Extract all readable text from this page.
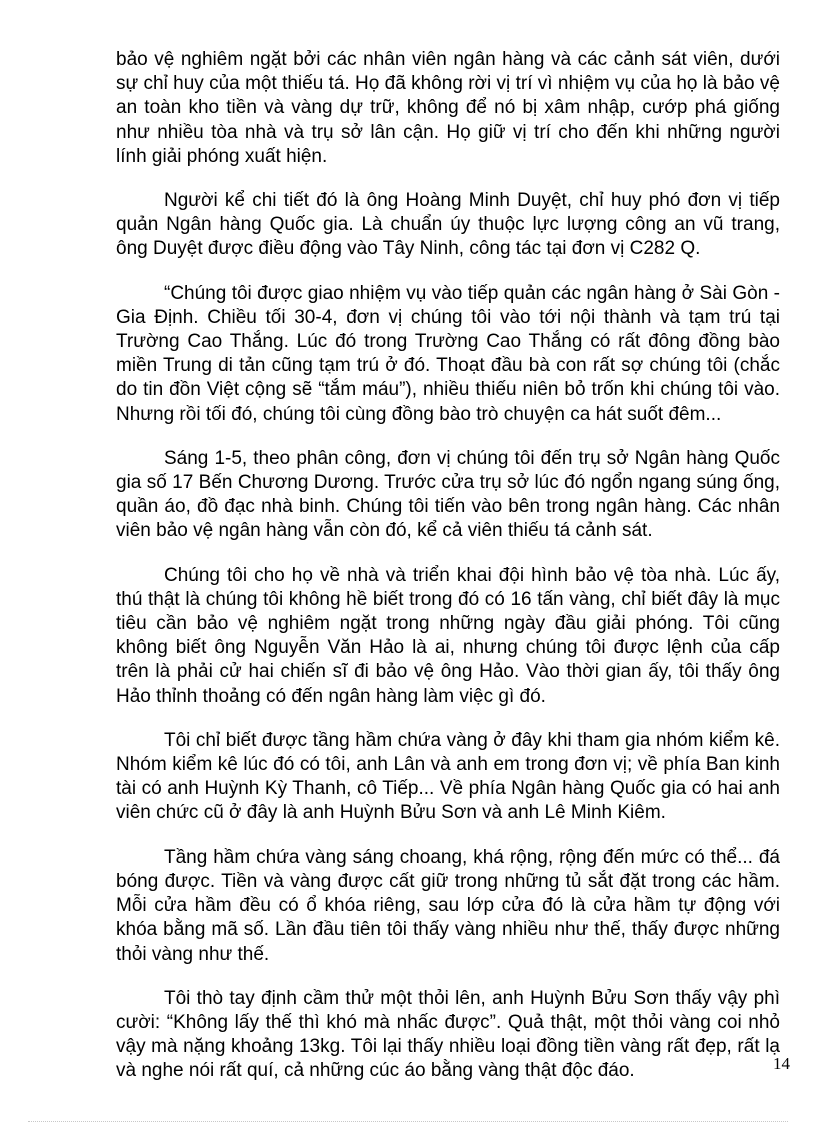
bảo vệ nghiêm ngặt bởi các nhân viên ngân hàng và các cảnh sát viên, dưới sự chỉ huy của một thiếu tá. Họ đã không rời vị trí vì nhiệm vụ của họ là bảo vệ an toàn kho tiền và vàng dự trữ, không để nó bị xâm nhập, cướp phá giống như nhiều tòa nhà và trụ sở lân cận. Họ giữ vị trí cho đến khi những người lính giải phóng xuất hiện.

Người kể chi tiết đó là ông Hoàng Minh Duyệt, chỉ huy phó đơn vị tiếp quản Ngân hàng Quốc gia. Là chuẩn úy thuộc lực lượng công an vũ trang, ông Duyệt được điều động vào Tây Ninh, công tác tại đơn vị C282 Q.

“Chúng tôi được giao nhiệm vụ vào tiếp quản các ngân hàng ở Sài Gòn - Gia Định. Chiều tối 30-4, đơn vị chúng tôi vào tới nội thành và tạm trú tại Trường Cao Thắng. Lúc đó trong Trường Cao Thắng có rất đông đồng bào miền Trung di tản cũng tạm trú ở đó. Thoạt đầu bà con rất sợ chúng tôi (chắc do tin đồn Việt cộng sẽ “tắm máu”), nhiều thiếu niên bỏ trốn khi chúng tôi vào. Nhưng rồi tối đó, chúng tôi cùng đồng bào trò chuyện ca hát suốt đêm...

Sáng 1-5, theo phân công, đơn vị chúng tôi đến trụ sở Ngân hàng Quốc gia số 17 Bến Chương Dương. Trước cửa trụ sở lúc đó ngổn ngang súng ống, quần áo, đồ đạc nhà binh. Chúng tôi tiến vào bên trong ngân hàng. Các nhân viên bảo vệ ngân hàng vẫn còn đó, kể cả viên thiếu tá cảnh sát.

Chúng tôi cho họ về nhà và triển khai đội hình bảo vệ tòa nhà. Lúc ấy, thú thật là chúng tôi không hề biết trong đó có 16 tấn vàng, chỉ biết đây là mục tiêu cần bảo vệ nghiêm ngặt trong những ngày đầu giải phóng. Tôi cũng không biết ông Nguyễn Văn Hảo là ai, nhưng chúng tôi được lệnh của cấp trên là phải cử hai chiến sĩ đi bảo vệ ông Hảo. Vào thời gian ấy, tôi thấy ông Hảo thỉnh thoảng có đến ngân hàng làm việc gì đó.

Tôi chỉ biết được tầng hầm chứa vàng ở đây khi tham gia nhóm kiểm kê. Nhóm kiểm kê lúc đó có tôi, anh Lân và anh em trong đơn vị; về phía Ban kinh tài có anh Huỳnh Kỳ Thanh, cô Tiếp... Về phía Ngân hàng Quốc gia có hai anh viên chức cũ ở đây là anh Huỳnh Bửu Sơn và anh Lê Minh Kiêm.

Tầng hầm chứa vàng sáng choang, khá rộng, rộng đến mức có thể... đá bóng được. Tiền và vàng được cất giữ trong những tủ sắt đặt trong các hầm. Mỗi cửa hầm đều có ổ khóa riêng, sau lớp cửa đó là cửa hầm tự động với khóa bằng mã số. Lần đầu tiên tôi thấy vàng nhiều như thế, thấy được những thỏi vàng như thế.

Tôi thò tay định cầm thử một thỏi lên, anh Huỳnh Bửu Sơn thấy vậy phì cười: “Không lấy thế thì khó mà nhấc được”. Quả thật, một thỏi vàng coi nhỏ vậy mà nặng khoảng 13kg. Tôi lại thấy nhiều loại đồng tiền vàng rất đẹp, rất lạ và nghe nói rất quí, cả những cúc áo bằng vàng thật độc đáo.	14
